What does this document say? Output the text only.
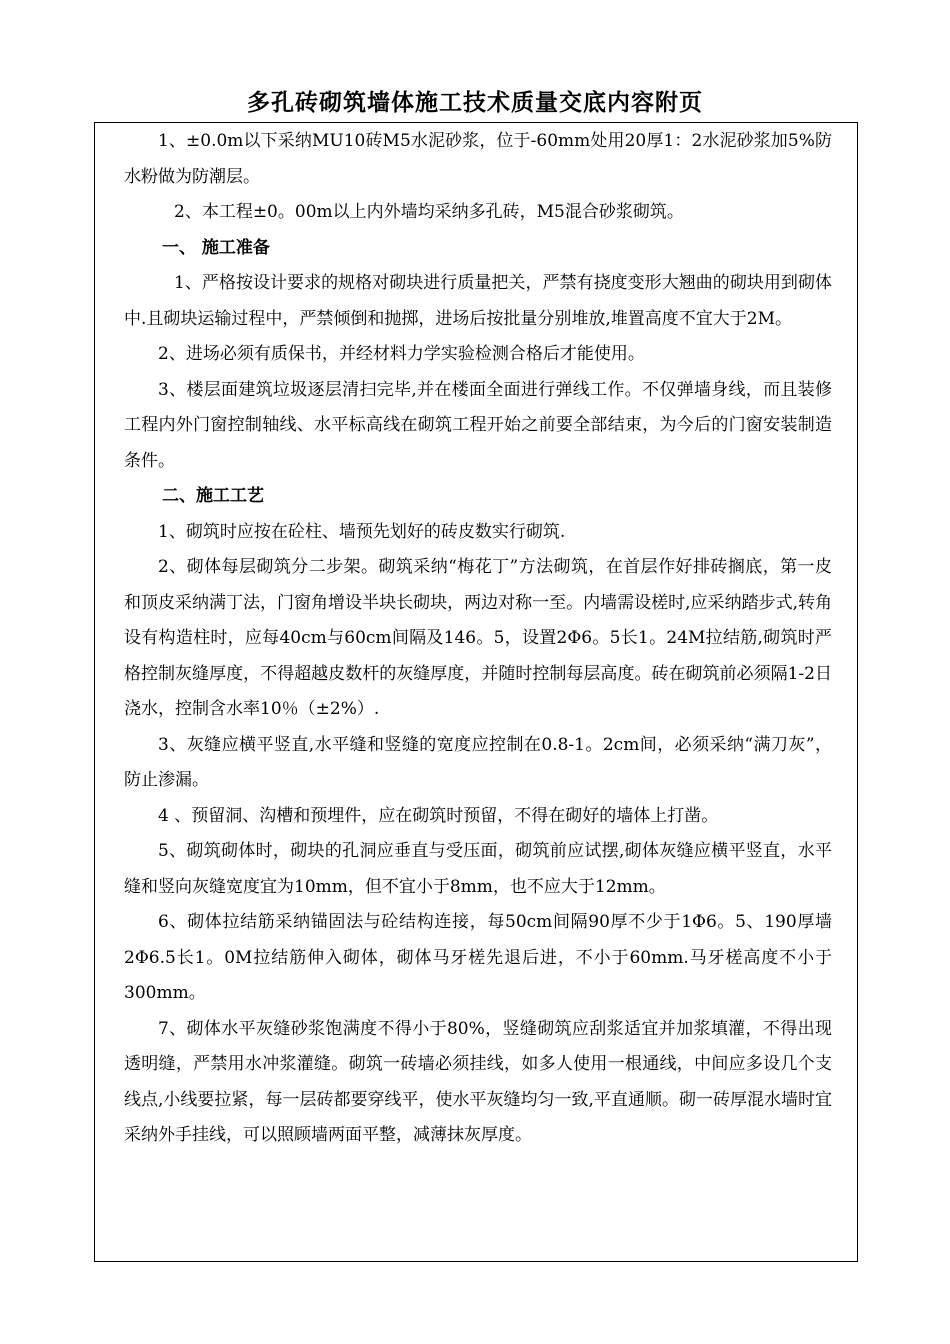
多孔砖砌筑墙体施工技术质量交底内容附页

1、±0.0m以下采纳MU10砖M5水泥砂浆，位于-60mm处用20厚1：2水泥砂浆加5%防水粉做为防潮层。

2、本工程±0。00m以上内外墙均采纳多孔砖，M5混合砂浆砌筑。

一、 施工准备

1、严格按设计要求的规格对砌块进行质量把关，严禁有挠度变形大翘曲的砌块用到砌体中.且砌块运输过程中，严禁倾倒和抛掷，进场后按批量分别堆放,堆置高度不宜大于2M。

2、进场必须有质保书，并经材料力学实验检测合格后才能使用。

3、楼层面建筑垃圾逐层清扫完毕,并在楼面全面进行弹线工作。不仅弹墙身线，而且装修工程内外门窗控制轴线、水平标高线在砌筑工程开始之前要全部结束，为今后的门窗安装制造条件。

二、施工工艺

1、砌筑时应按在砼柱、墙预先划好的砖皮数实行砌筑.

2、砌体每层砌筑分二步架。砌筑采纳“梅花丁”方法砌筑，在首层作好排砖搁底，第一皮和顶皮采纳满丁法，门窗角增设半块长砌块，两边对称一至。内墙需设槎时,应采纳踏步式,转角设有构造柱时，应每40cm与60cm间隔及146。5，设置2Φ6。5长1。24M拉结筋,砌筑时严格控制灰缝厚度，不得超越皮数杆的灰缝厚度，并随时控制每层高度。砖在砌筑前必须隔1-2日浇水，控制含水率10％（±2%）.

3、灰缝应横平竖直,水平缝和竖缝的宽度应控制在0.8-1。2cm间，必须采纳“满刀灰”，防止渗漏。

4 、预留洞、沟槽和预埋件，应在砌筑时预留，不得在砌好的墙体上打凿。

5、砌筑砌体时，砌块的孔洞应垂直与受压面，砌筑前应试摆,砌体灰缝应横平竖直，水平缝和竖向灰缝宽度宜为10mm，但不宜小于8mm，也不应大于12mm。

6、砌体拉结筋采纳锚固法与砼结构连接，每50cm间隔90厚不少于1Φ6。5、190厚墙2Φ6.5长1。0M拉结筋伸入砌体，砌体马牙槎先退后进，不小于60mm.马牙槎高度不小于300mm。

7、砌体水平灰缝砂浆饱满度不得小于80%，竖缝砌筑应刮浆适宜并加浆填灌，不得出现透明缝，严禁用水冲浆灌缝。砌筑一砖墙必须挂线，如多人使用一根通线，中间应多设几个支线点,小线要拉紧，每一层砖都要穿线平，使水平灰缝均匀一致,平直通顺。砌一砖厚混水墙时宜采纳外手挂线，可以照顾墙两面平整，减薄抹灰厚度。
